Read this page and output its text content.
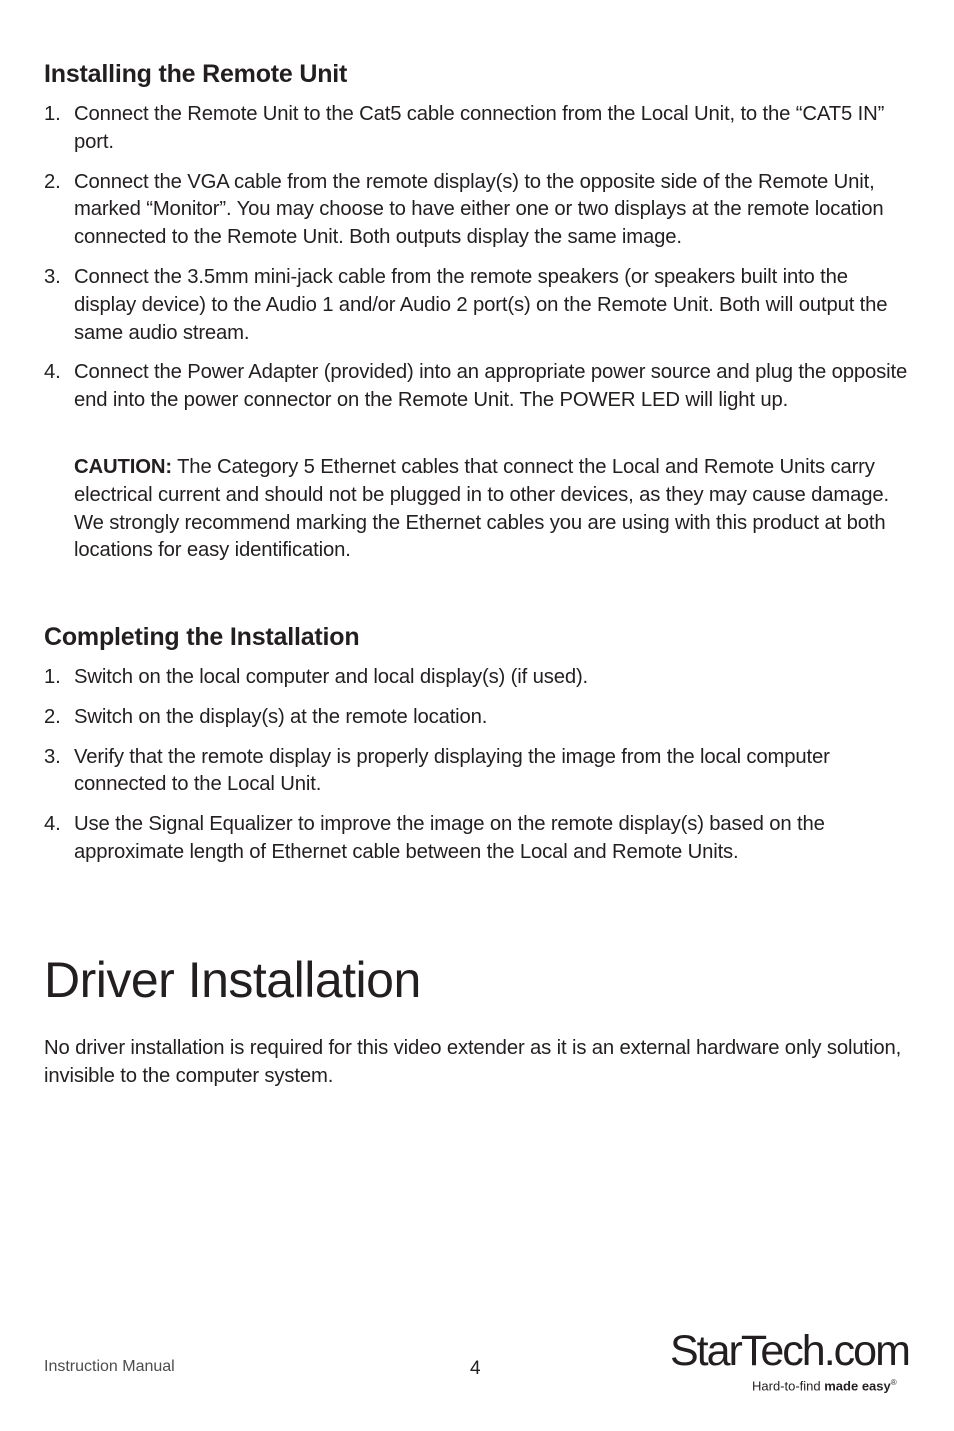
Installing the Remote Unit
1. Connect the Remote Unit to the Cat5 cable connection from the Local Unit, to the “CAT5 IN” port.
2. Connect the VGA cable from the remote display(s) to the opposite side of the Remote Unit, marked “Monitor”. You may choose to have either one or two displays at the remote location connected to the Remote Unit. Both outputs display the same image.
3. Connect the 3.5mm mini-jack cable from the remote speakers (or speakers built into the display device) to the Audio 1 and/or Audio 2 port(s) on the Remote Unit. Both will output the same audio stream.
4. Connect the Power Adapter (provided) into an appropriate power source and plug the opposite end into the power connector on the Remote Unit. The POWER LED will light up.

CAUTION: The Category 5 Ethernet cables that connect the Local and Remote Units carry electrical current and should not be plugged in to other devices, as they may cause damage. We strongly recommend marking the Ethernet cables you are using with this product at both locations for easy identification.

Completing the Installation
1. Switch on the local computer and local display(s) (if used).
2. Switch on the display(s) at the remote location.
3. Verify that the remote display is properly displaying the image from the local computer connected to the Local Unit.
4. Use the Signal Equalizer to improve the image on the remote display(s) based on the approximate length of Ethernet cable between the Local and Remote Units.
Driver Installation

No driver installation is required for this video extender as it is an external hardware only solution, invisible to the computer system.

Instruction Manual	4	StarTech.com
Hard-to-find made easy®
